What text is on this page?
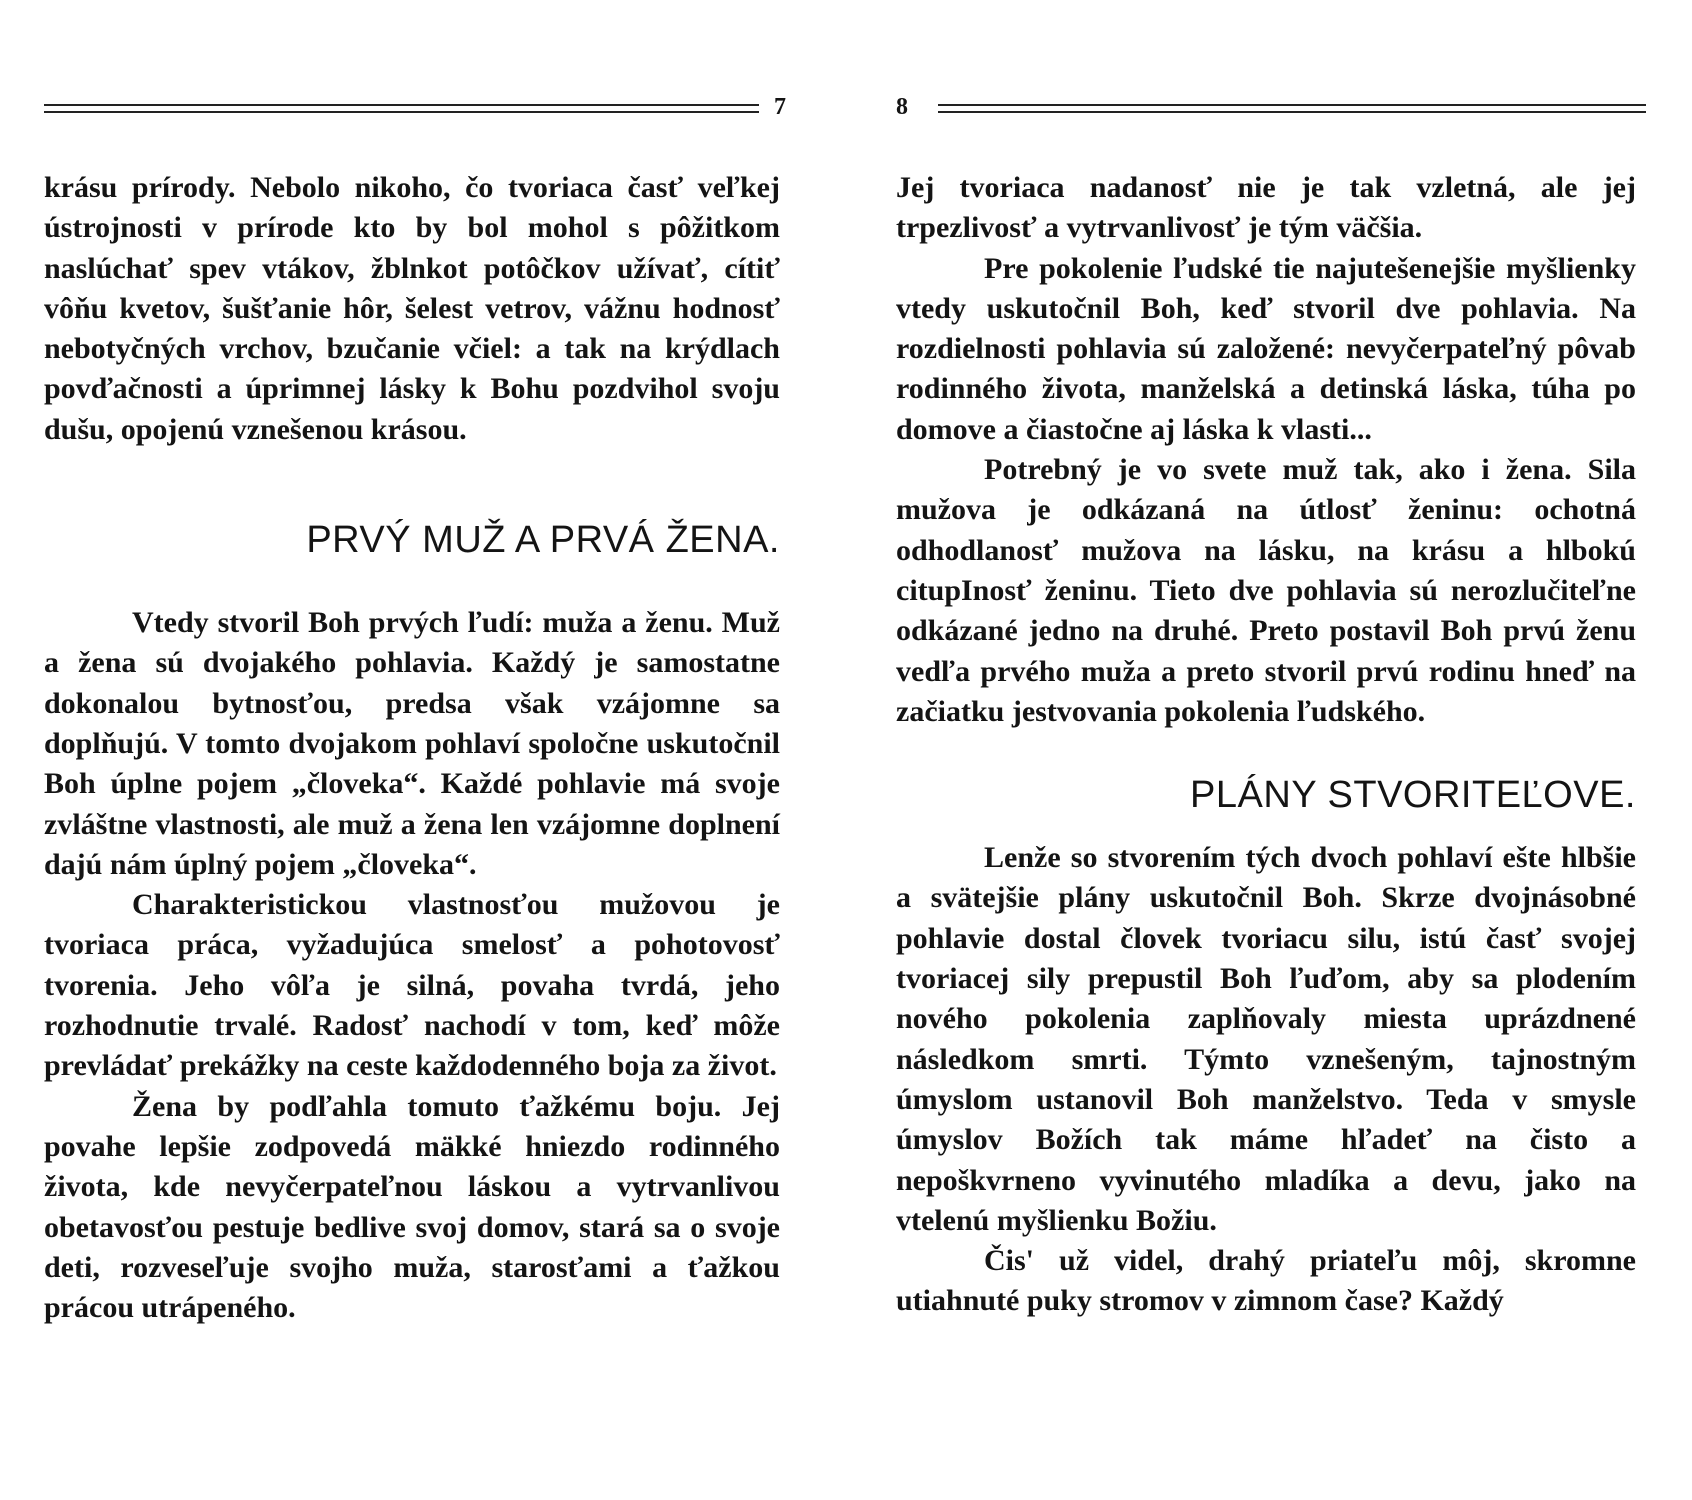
7

krásu prírody. Nebolo nikoho, čo tvoriaca časť veľkej ústrojnosti v prírode kto by bol mohol s pôžitkom naslúchať spev vtákov, žblnkot potôčkov užívať, cítiť vôňu kvetov, šušťanie hôr, šelest vetrov, vážnu hodnosť nebotyčných vrchov, bzučanie včiel: a tak na krýdlach povďačnosti a úprimnej lásky k Bohu pozdvihol svoju dušu, opojenú vznešenou krásou.

PRVÝ MUŽ A PRVÁ ŽENA.

Vtedy stvoril Boh prvých ľudí: muža a ženu. Muž a žena sú dvojakého pohlavia. Každý je samostatne dokonalou bytnosťou, predsa však vzájomne sa doplňujú. V tomto dvojakom pohlaví spoločne uskutočnil Boh úplne pojem „človeka“. Každé pohlavie má svoje zvláštne vlastnosti, ale muž a žena len vzájomne doplnení dajú nám úplný pojem „človeka“.

Charakteristickou vlastnosťou mužovou je tvoriaca práca, vyžadujúca smelosť a pohotovosť tvorenia. Jeho vôľa je silná, povaha tvrdá, jeho rozhodnutie trvalé. Radosť nachodí v tom, keď môže prevládať prekážky na ceste každodenného boja za život.

Žena by podľahla tomuto ťažkému boju. Jej povahe lepšie zodpovedá mäkké hniezdo rodinného života, kde nevyčerpateľnou láskou a vytrvanlivou obetavosťou pestuje bedlive svoj domov, stará sa o svoje deti, rozveseľuje svojho muža, starosťami a ťažkou prácou utrápeného.

8

Jej tvoriaca nadanosť nie je tak vzletná, ale jej trpezlivosť a vytrvanlivosť je tým väčšia.

Pre pokolenie ľudské tie najutešenejšie myšlienky vtedy uskutočnil Boh, keď stvoril dve pohlavia. Na rozdielnosti pohlavia sú založené: nevyčerpateľný pôvab rodinného života, manželská a detinská láska, túha po domove a čiastočne aj láska k vlasti...

Potrebný je vo svete muž tak, ako i žena. Sila mužova je odkázaná na útlosť ženinu: ochotná odhodlanosť mužova na lásku, na krásu a hlbokú citupInosť ženinu. Tieto dve pohlavia sú nerozlučiteľne odkázané jedno na druhé. Preto postavil Boh prvú ženu vedľa prvého muža a preto stvoril prvú rodinu hneď na začiatku jestvovania pokolenia ľudského.

PLÁNY STVORITEĽOVE.

Lenže so stvorením tých dvoch pohlaví ešte hlbšie a svätejšie plány uskutočnil Boh. Skrze dvojnásobné pohlavie dostal človek tvoriacu silu, istú časť svojej tvoriacej sily prepustil Boh ľuďom, aby sa plodením nového pokolenia zaplňovaly miesta uprázdnené následkom smrti. Týmto vznešeným, tajnostným úmyslom ustanovil Boh manželstvo. Teda v smysle úmyslov Božích tak máme hľadeť na čisto a nepoškvrneno vyvinutého mladíka a devu, jako na vtelenú myšlienku Božiu.

Čis' už videl, drahý priateľu môj, skromne utiahnuté puky stromov v zimnom čase? Každý
